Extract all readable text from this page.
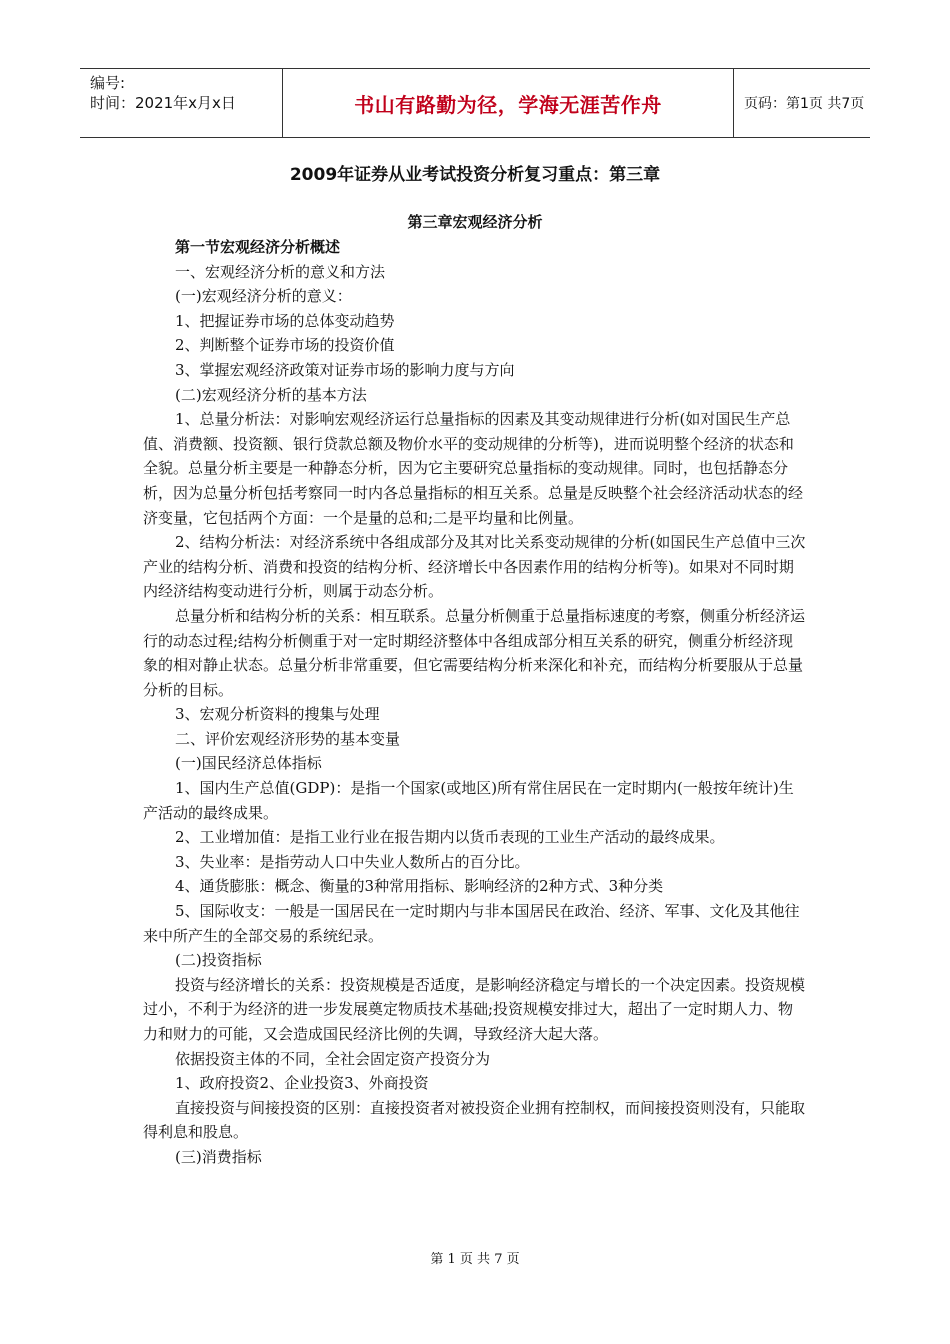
编号:
时间：2021年x月x日	书山有路勤为径，学海无涯苦作舟	页码：第1页 共7页
2009年证券从业考试投资分析复习重点：第三章
第三章宏观经济分析

第一节宏观经济分析概述

一、宏观经济分析的意义和方法

(一)宏观经济分析的意义：

1、把握证券市场的总体变动趋势

2、判断整个证券市场的投资价值

3、掌握宏观经济政策对证券市场的影响力度与方向

(二)宏观经济分析的基本方法

1、总量分析法：对影响宏观经济运行总量指标的因素及其变动规律进行分析(如对国民生产总值、消费额、投资额、银行贷款总额及物价水平的变动规律的分析等)，进而说明整个经济的状态和全貌。总量分析主要是一种静态分析，因为它主要研究总量指标的变动规律。同时，也包括静态分析，因为总量分析包括考察同一时内各总量指标的相互关系。总量是反映整个社会经济活动状态的经济变量，它包括两个方面：一个是量的总和;二是平均量和比例量。

2、结构分析法：对经济系统中各组成部分及其对比关系变动规律的分析(如国民生产总值中三次产业的结构分析、消费和投资的结构分析、经济增长中各因素作用的结构分析等)。如果对不同时期内经济结构变动进行分析，则属于动态分析。

总量分析和结构分析的关系：相互联系。总量分析侧重于总量指标速度的考察，侧重分析经济运行的动态过程;结构分析侧重于对一定时期经济整体中各组成部分相互关系的研究，侧重分析经济现象的相对静止状态。总量分析非常重要，但它需要结构分析来深化和补充，而结构分析要服从于总量分析的目标。

3、宏观分析资料的搜集与处理

二、评价宏观经济形势的基本变量

(一)国民经济总体指标

1、国内生产总值(GDP)：是指一个国家(或地区)所有常住居民在一定时期内(一般按年统计)生产活动的最终成果。

2、工业增加值：是指工业行业在报告期内以货币表现的工业生产活动的最终成果。

3、失业率：是指劳动人口中失业人数所占的百分比。

4、通货膨胀：概念、衡量的3种常用指标、影响经济的2种方式、3种分类

5、国际收支：一般是一国居民在一定时期内与非本国居民在政治、经济、军事、文化及其他往来中所产生的全部交易的系统纪录。

(二)投资指标

投资与经济增长的关系：投资规模是否适度，是影响经济稳定与增长的一个决定因素。投资规模过小，不利于为经济的进一步发展奠定物质技术基础;投资规模安排过大，超出了一定时期人力、物力和财力的可能，又会造成国民经济比例的失调，导致经济大起大落。

依据投资主体的不同，全社会固定资产投资分为

1、政府投资2、企业投资3、外商投资

直接投资与间接投资的区别：直接投资者对被投资企业拥有控制权，而间接投资则没有，只能取得利息和股息。

(三)消费指标

第 1 页 共 7 页
